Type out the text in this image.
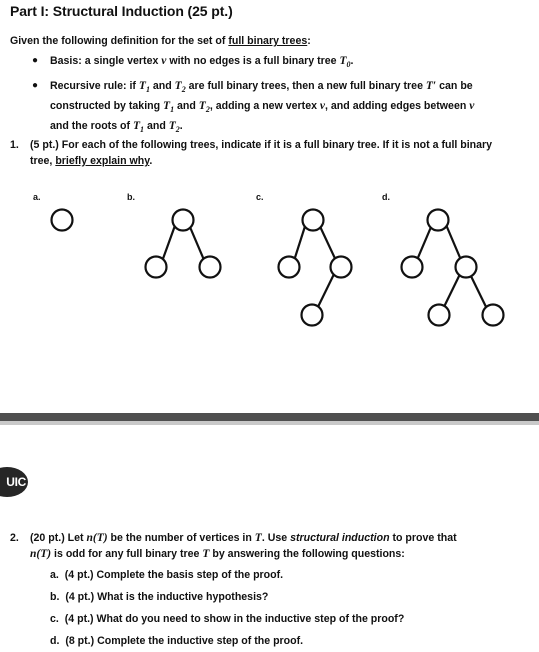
Part I: Structural Induction (25 pt.)
Given the following definition for the set of full binary trees:
● Basis: a single vertex v with no edges is a full binary tree $T_0$.
● Recursive rule: if $T_1$ and $T_2$ are full binary trees, then a new full binary tree T′ can be
constructed by taking $T_1$ and $T_2$, adding a new vertex v, and adding edges between v
and the roots of $T_1$ and $T_2$.
1. (5 pt.) For each of the following trees, indicate if it is a full binary tree. If it is not a full binary
tree, briefly explain why.
a.	b.	c.	d.
UIC
2. (20 pt.) Let n(T) be the number of vertices in T. Use structural induction to prove that
n(T) is odd for any full binary tree T by answering the following questions:
a. (4 pt.) Complete the basis step of the proof.
b. (4 pt.) What is the inductive hypothesis?
c. (4 pt.) What do you need to show in the inductive step of the proof?
d. (8 pt.) Complete the inductive step of the proof.
